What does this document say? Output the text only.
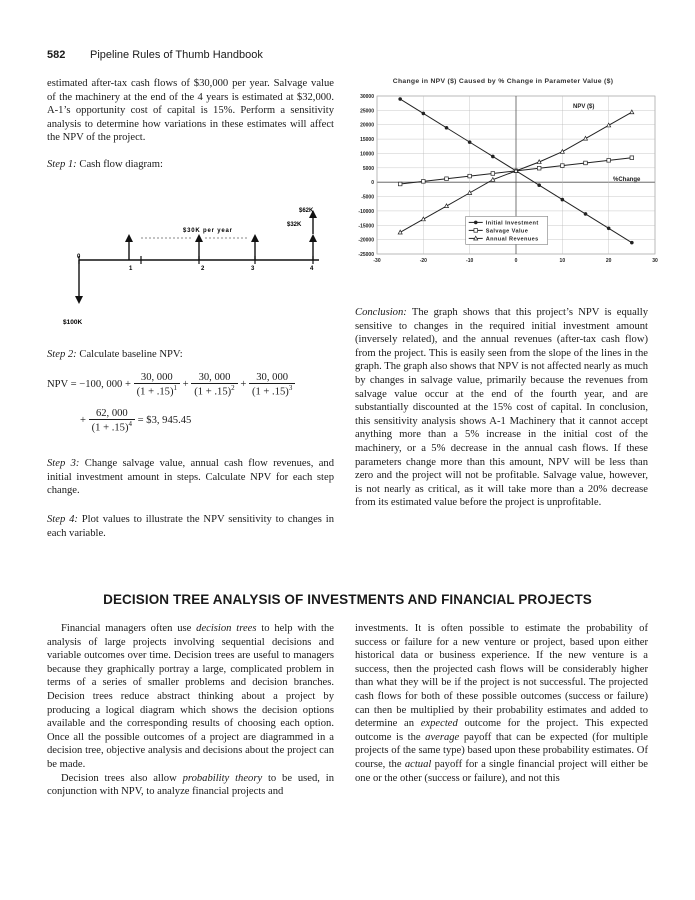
582 Pipeline Rules of Thumb Handbook
estimated after-tax cash flows of $30,000 per year. Salvage value of the machinery at the end of the 4 years is estimated at $32,000. A-1’s opportunity cost of capital is 15%. Perform a sensitivity analysis to determine how variations in these estimates will affect the NPV of the project.
Step 1: Cash flow diagram:
0
1	2	3	4
$100K
$30K per year
$32K
$62K
Step 2: Calculate baseline NPV:
NPV = −100, $000 + \frac{30, 000}{(1 + .15)^1} + \frac{30, 000}{(1 + .15)^2} + \frac{30, 000}{(1 + .15)^3}$
+ $\frac{62, 000}{(1 + .15)^4}$ = $3, 945.45
Step 3: Change salvage value, annual cash flow revenues, and initial investment amount in steps. Calculate NPV for each step change.
Step 4: Plot values to illustrate the NPV sensitivity to changes in each variable.
Change in NPV ($) Caused by % Change in Parameter Value ($)
30000
25000
20000
15000
10000
5000
0
-5000
-10000
-15000
-20000
-25000
-30	-20	-10	0	10	20	30
NPV ($)
%Change
Initial Investment
Salvage Value
Annual Revenues
Conclusion: The graph shows that this project’s NPV is equally sensitive to changes in the required initial investment amount (inversely related), and the annual revenues (after-tax cash flow) from the project. This is easily seen from the slope of the lines in the graph. The graph also shows that NPV is not affected nearly as much by changes in salvage value, primarily because the revenues from salvage value occur at the end of the fourth year, and are substantially discounted at the 15% cost of capital. In conclusion, this sensitivity analysis shows A-1 Machinery that it cannot accept anything more than a 5% increase in the initial cost of the machinery, or a 5% decrease in the annual cash flows. If these parameters change more than this amount, NPV will be less than zero and the project will not be profitable. Salvage value, however, is not nearly as critical, as it will take more than a 20% decrease from its estimated value before the project is unprofitable.
DECISION TREE ANALYSIS OF INVESTMENTS AND FINANCIAL PROJECTS
Financial managers often use decision trees to help with the analysis of large projects involving sequential decisions and variable outcomes over time. Decision trees are useful to managers because they graphically portray a large, complicated problem in terms of a series of smaller problems and decision branches. Decision trees reduce abstract thinking about a project by producing a logical diagram which shows the decision options available and the corresponding results of choosing each option. Once all the possible outcomes of a project are diagrammed in a decision tree, objective analysis and decisions about the project can be made.
Decision trees also allow probability theory to be used, in conjunction with NPV, to analyze financial projects and
investments. It is often possible to estimate the probability of success or failure for a new venture or project, based upon either historical data or business experience. If the new venture is a success, then the projected cash flows will be considerably higher than what they will be if the project is not successful. The projected cash flows for both of these possible outcomes (success or failure) can then be multiplied by their probability estimates and added to determine an expected outcome for the project. This expected outcome is the average payoff that can be expected (for multiple projects of the same type) based upon these probability estimates. Of course, the actual payoff for a single financial project will either be one or the other (success or failure), and not this
